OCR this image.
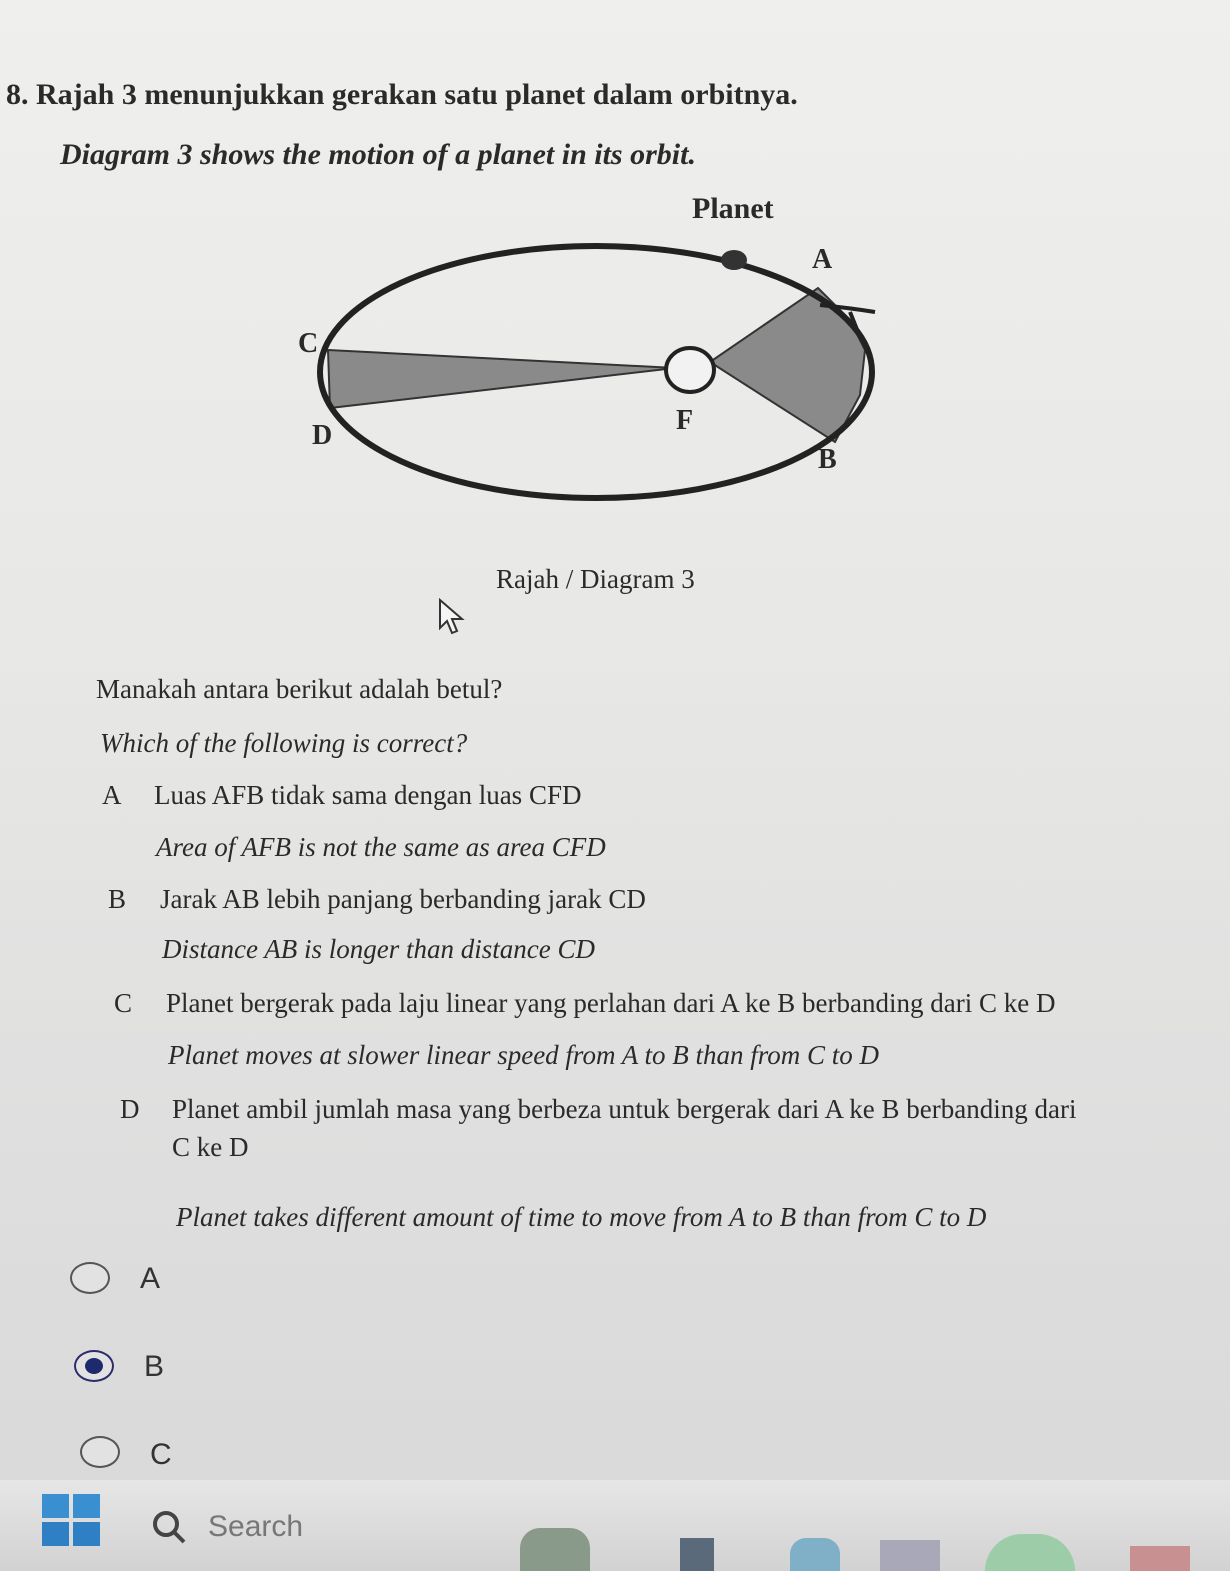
8. Rajah 3 menunjukkan gerakan satu planet dalam orbitnya.
Diagram 3 shows the motion of a planet in its orbit.
Planet
A
B
C
D	F
Rajah / Diagram 3
Manakah antara berikut adalah betul?
Which of the following is correct?
A Luas AFB tidak sama dengan luas CFD
Area of AFB is not the same as area CFD
B Jarak AB lebih panjang berbanding jarak CD
Distance AB is longer than distance CD
C Planet bergerak pada laju linear yang perlahan dari A ke B berbanding dari C ke D
Planet moves at slower linear speed from A to B than from C to D
D Planet ambil jumlah masa yang berbeza untuk bergerak dari A ke B berbanding dari
C ke D
Planet takes different amount of time to move from A to B than from C to D
A
B
C
Search
